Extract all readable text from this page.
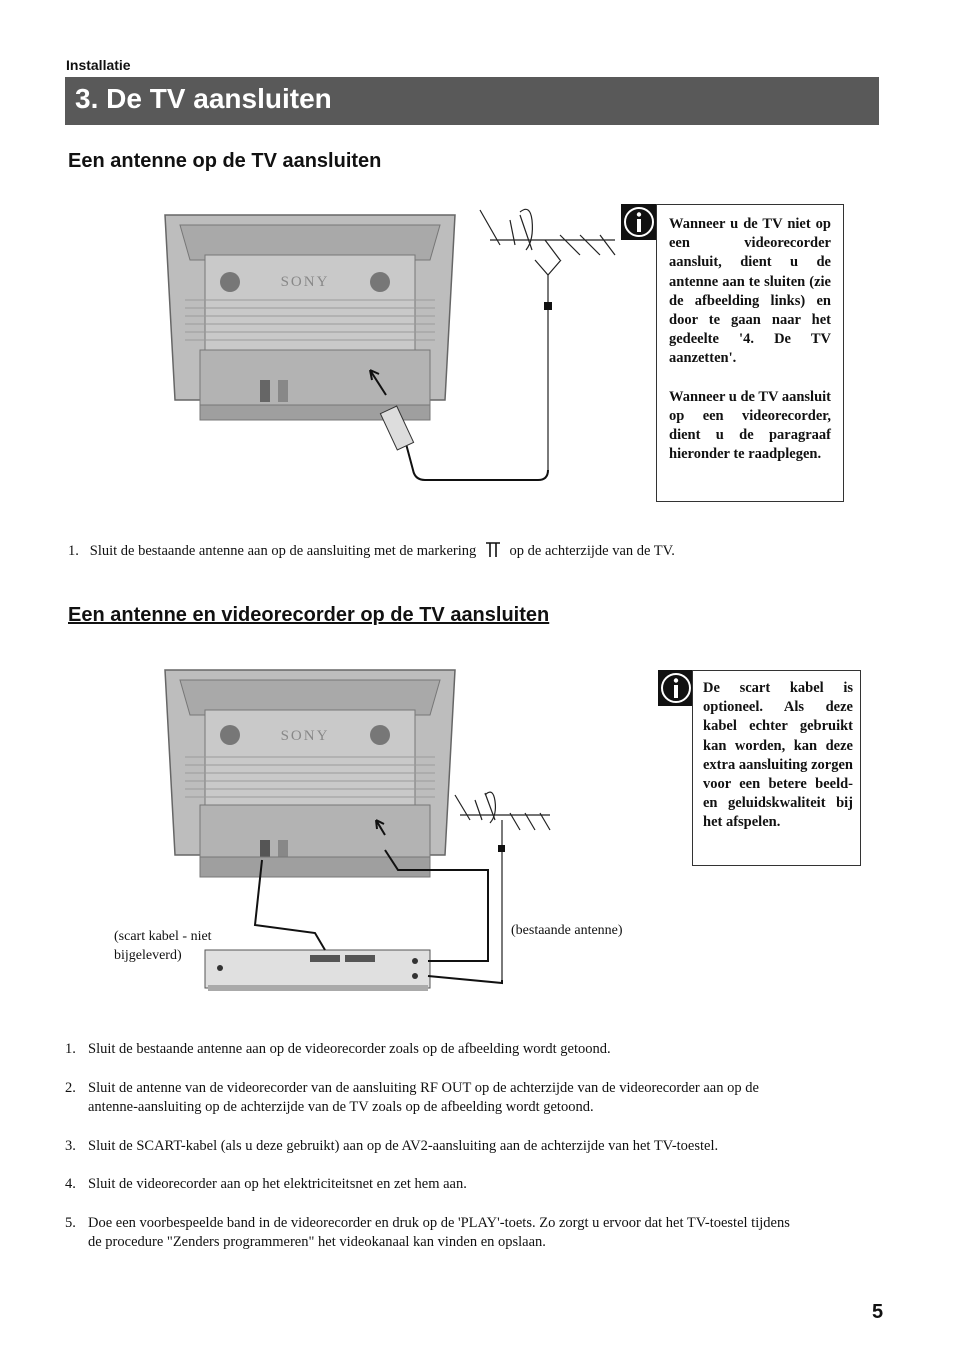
Installatie
3. De TV aansluiten
Een antenne op de TV aansluiten
SONY

Wanneer u de TV niet op een videorecorder aansluit, dient u de antenne aan te sluiten (zie de afbeelding links) en door te gaan naar het gedeelte '4. De TV aanzetten'.

Wanneer u de TV aansluit op een videorecorder, dient u de paragraaf hieronder te raadplegen.

1. Sluit de bestaande antenne aan op de aansluiting met de markering op de achterzijde van de TV.
Een antenne en videorecorder op de TV aansluiten
SONY
(scart kabel - niet bijgeleverd)
(bestaande antenne)

De scart kabel is optioneel. Als deze kabel echter gebruikt kan worden, kan deze extra aansluiting zorgen voor een betere beeld- en geluidskwaliteit bij het afspelen.

1. Sluit de bestaande antenne aan op de videorecorder zoals op de afbeelding wordt getoond.
2. Sluit de antenne van de videorecorder van de aansluiting RF OUT op de achterzijde van de videorecorder aan op de antenne-aansluiting op de achterzijde van de TV zoals op de afbeelding wordt getoond.
3. Sluit de SCART-kabel (als u deze gebruikt) aan op de AV2-aansluiting aan de achterzijde van het TV-toestel.
4. Sluit de videorecorder aan op het elektriciteitsnet en zet hem aan.
5. Doe een voorbespeelde band in de videorecorder en druk op de 'PLAY'-toets. Zo zorgt u ervoor dat het TV-toestel tijdens de procedure "Zenders programmeren" het videokanaal kan vinden en opslaan.
5
